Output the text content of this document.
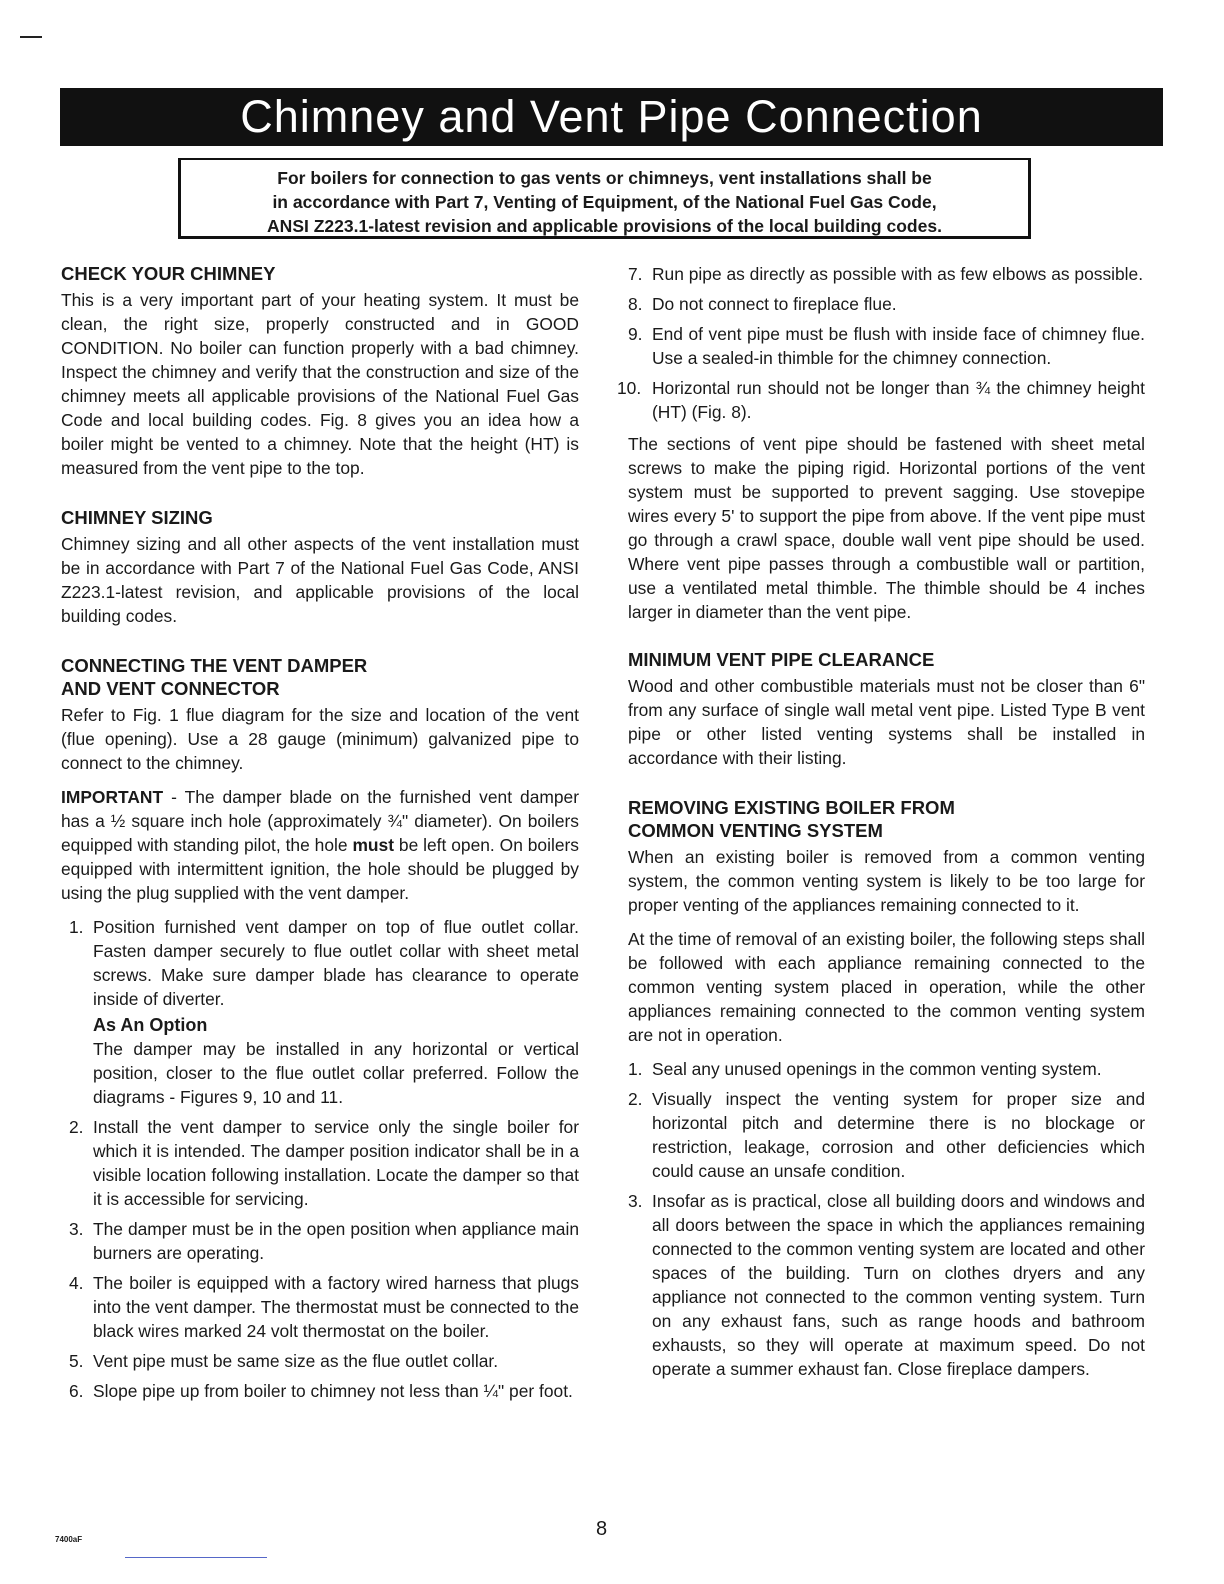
Chimney and Vent Pipe Connection
For boilers for connection to gas vents or chimneys, vent installations shall be
in accordance with Part 7, Venting of Equipment, of the National Fuel Gas Code,
ANSI Z223.1-latest revision and applicable provisions of the local building codes.
CHECK YOUR CHIMNEY

This is a very important part of your heating system. It must be clean, the right size, properly constructed and in GOOD CONDITION. No boiler can function properly with a bad chimney. Inspect the chimney and verify that the construction and size of the chimney meets all applicable provisions of the National Fuel Gas Code and local building codes. Fig. 8 gives you an idea how a boiler might be vented to a chimney. Note that the height (HT) is measured from the vent pipe to the top.

CHIMNEY SIZING

Chimney sizing and all other aspects of the vent installation must be in accordance with Part 7 of the National Fuel Gas Code, ANSI Z223.1-latest revision, and applicable provisions of the local building codes.

CONNECTING THE VENT DAMPER
AND VENT CONNECTOR

Refer to Fig. 1 flue diagram for the size and location of the vent (flue opening). Use a 28 gauge (minimum) galvanized pipe to connect to the chimney.

IMPORTANT - The damper blade on the furnished vent damper has a ½ square inch hole (approximately ¾" diameter). On boilers equipped with standing pilot, the hole must be left open. On boilers equipped with intermittent ignition, the hole should be plugged by using the plug supplied with the vent damper.

1. Position furnished vent damper on top of flue outlet collar. Fasten damper securely to flue outlet collar with sheet metal screws. Make sure damper blade has clearance to operate inside of diverter.
As An Option

The damper may be installed in any horizontal or vertical position, closer to the flue outlet collar preferred. Follow the diagrams - Figures 9, 10 and 11.

2. Install the vent damper to service only the single boiler for which it is intended. The damper position indicator shall be in a visible location following installation. Locate the damper so that it is accessible for servicing.
3. The damper must be in the open position when appliance main burners are operating.
4. The boiler is equipped with a factory wired harness that plugs into the vent damper. The thermostat must be connected to the black wires marked 24 volt thermostat on the boiler.
5. Vent pipe must be same size as the flue outlet collar.
6. Slope pipe up from boiler to chimney not less than ¼" per foot.
7. Run pipe as directly as possible with as few elbows as possible.
8. Do not connect to fireplace flue.
9. End of vent pipe must be flush with inside face of chimney flue. Use a sealed-in thimble for the chimney connection.
10. Horizontal run should not be longer than ¾ the chimney height (HT) (Fig. 8).

The sections of vent pipe should be fastened with sheet metal screws to make the piping rigid. Horizontal portions of the vent system must be supported to prevent sagging. Use stovepipe wires every 5' to support the pipe from above. If the vent pipe must go through a crawl space, double wall vent pipe should be used. Where vent pipe passes through a combustible wall or partition, use a ventilated metal thimble. The thimble should be 4 inches larger in diameter than the vent pipe.

MINIMUM VENT PIPE CLEARANCE

Wood and other combustible materials must not be closer than 6" from any surface of single wall metal vent pipe. Listed Type B vent pipe or other listed venting systems shall be installed in accordance with their listing.

REMOVING EXISTING BOILER FROM
COMMON VENTING SYSTEM

When an existing boiler is removed from a common venting system, the common venting system is likely to be too large for proper venting of the appliances remaining connected to it.

At the time of removal of an existing boiler, the following steps shall be followed with each appliance remaining connected to the common venting system placed in operation, while the other appliances remaining connected to the common venting system are not in operation.

1. Seal any unused openings in the common venting system.
2. Visually inspect the venting system for proper size and horizontal pitch and determine there is no blockage or restriction, leakage, corrosion and other deficiencies which could cause an unsafe condition.
3. Insofar as is practical, close all building doors and windows and all doors between the space in which the appliances remaining connected to the common venting system are located and other spaces of the building. Turn on clothes dryers and any appliance not connected to the common venting system. Turn on any exhaust fans, such as range hoods and bathroom exhausts, so they will operate at maximum speed. Do not operate a summer exhaust fan. Close fireplace dampers.
7400aF	8
